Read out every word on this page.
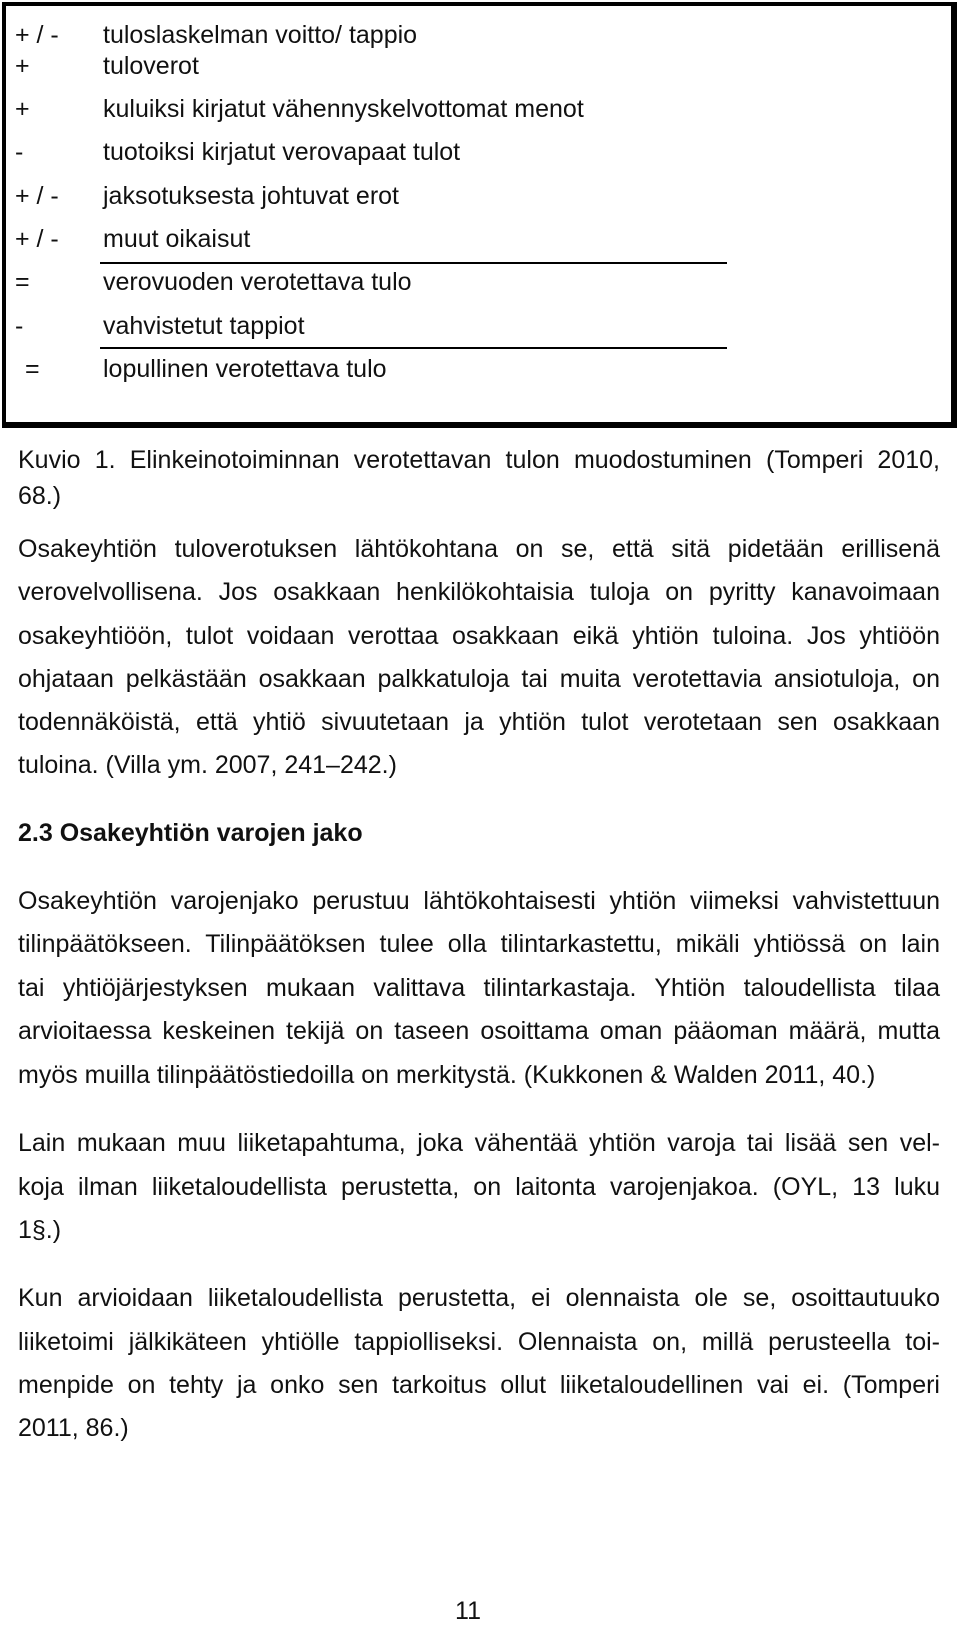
+ / - tuloslaskelman voitto/ tappio
+	tuloverot
+	kuluiksi kirjatut vähennyskelvottomat menot
-	tuotoiksi kirjatut verovapaat tulot
+ / - jaksotuksesta johtuvat erot
+ / - muut oikaisut
=	verovuoden verotettava tulo
-	vahvistetut tappiot
=	lopullinen verotettava tulo
Kuvio 1. Elinkeinotoiminnan verotettavan tulon muodostuminen (Tomperi 2010,
68.)
Osakeyhtiön tuloverotuksen lähtökohtana on se, että sitä pidetään erillisenä
verovelvollisena. Jos osakkaan henkilökohtaisia tuloja on pyritty kanavoimaan
osakeyhtiöön, tulot voidaan verottaa osakkaan eikä yhtiön tuloina. Jos yhtiöön
ohjataan pelkästään osakkaan palkkatuloja tai muita verotettavia ansiotuloja, on
todennäköistä, että yhtiö sivuutetaan ja yhtiön tulot verotetaan sen osakkaan
tuloina. (Villa ym. 2007, 241–242.)
2.3 Osakeyhtiön varojen jako
Osakeyhtiön varojenjako perustuu lähtökohtaisesti yhtiön viimeksi vahvistettuun
tilinpäätökseen. Tilinpäätöksen tulee olla tilintarkastettu, mikäli yhtiössä on lain
tai yhtiöjärjestyksen mukaan valittava tilintarkastaja. Yhtiön taloudellista tilaa
arvioitaessa keskeinen tekijä on taseen osoittama oman pääoman määrä, mutta
myös muilla tilinpäätöstiedoilla on merkitystä. (Kukkonen & Walden 2011, 40.)
Lain mukaan muu liiketapahtuma, joka vähentää yhtiön varoja tai lisää sen vel-
koja ilman liiketaloudellista perustetta, on laitonta varojenjakoa. (OYL, 13 luku
1§.)
Kun arvioidaan liiketaloudellista perustetta, ei olennaista ole se, osoittautuuko
liiketoimi jälkikäteen yhtiölle tappiolliseksi. Olennaista on, millä perusteella toi-
menpide on tehty ja onko sen tarkoitus ollut liiketaloudellinen vai ei. (Tomperi
2011, 86.)
11
